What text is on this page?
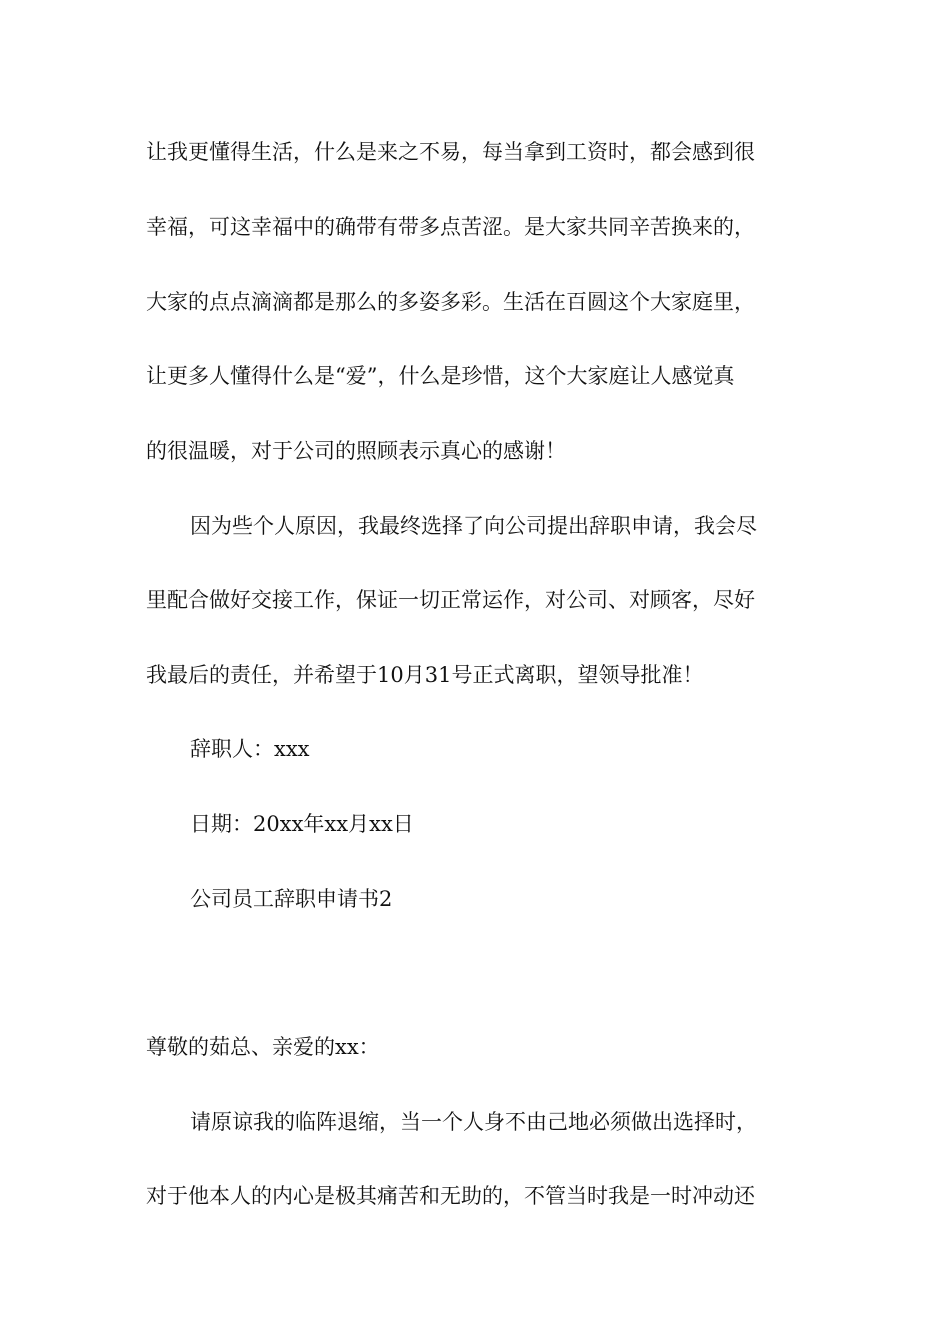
让我更懂得生活，什么是来之不易，每当拿到工资时，都会感到很
幸福，可这幸福中的确带有带多点苦涩。是大家共同辛苦换来的，
大家的点点滴滴都是那么的多姿多彩。生活在百圆这个大家庭里，
让更多人懂得什么是“爱”，什么是珍惜，这个大家庭让人感觉真
的很温暖，对于公司的照顾表示真心的感谢！
因为些个人原因，我最终选择了向公司提出辞职申请，我会尽
里配合做好交接工作，保证一切正常运作，对公司、对顾客，尽好
我最后的责任，并希望于10月31号正式离职，望领导批准！
辞职人：xxx
日期：20xx年xx月xx日
公司员工辞职申请书2
尊敬的茹总、亲爱的xx：
请原谅我的临阵退缩，当一个人身不由己地必须做出选择时，
对于他本人的内心是极其痛苦和无助的，不管当时我是一时冲动还
